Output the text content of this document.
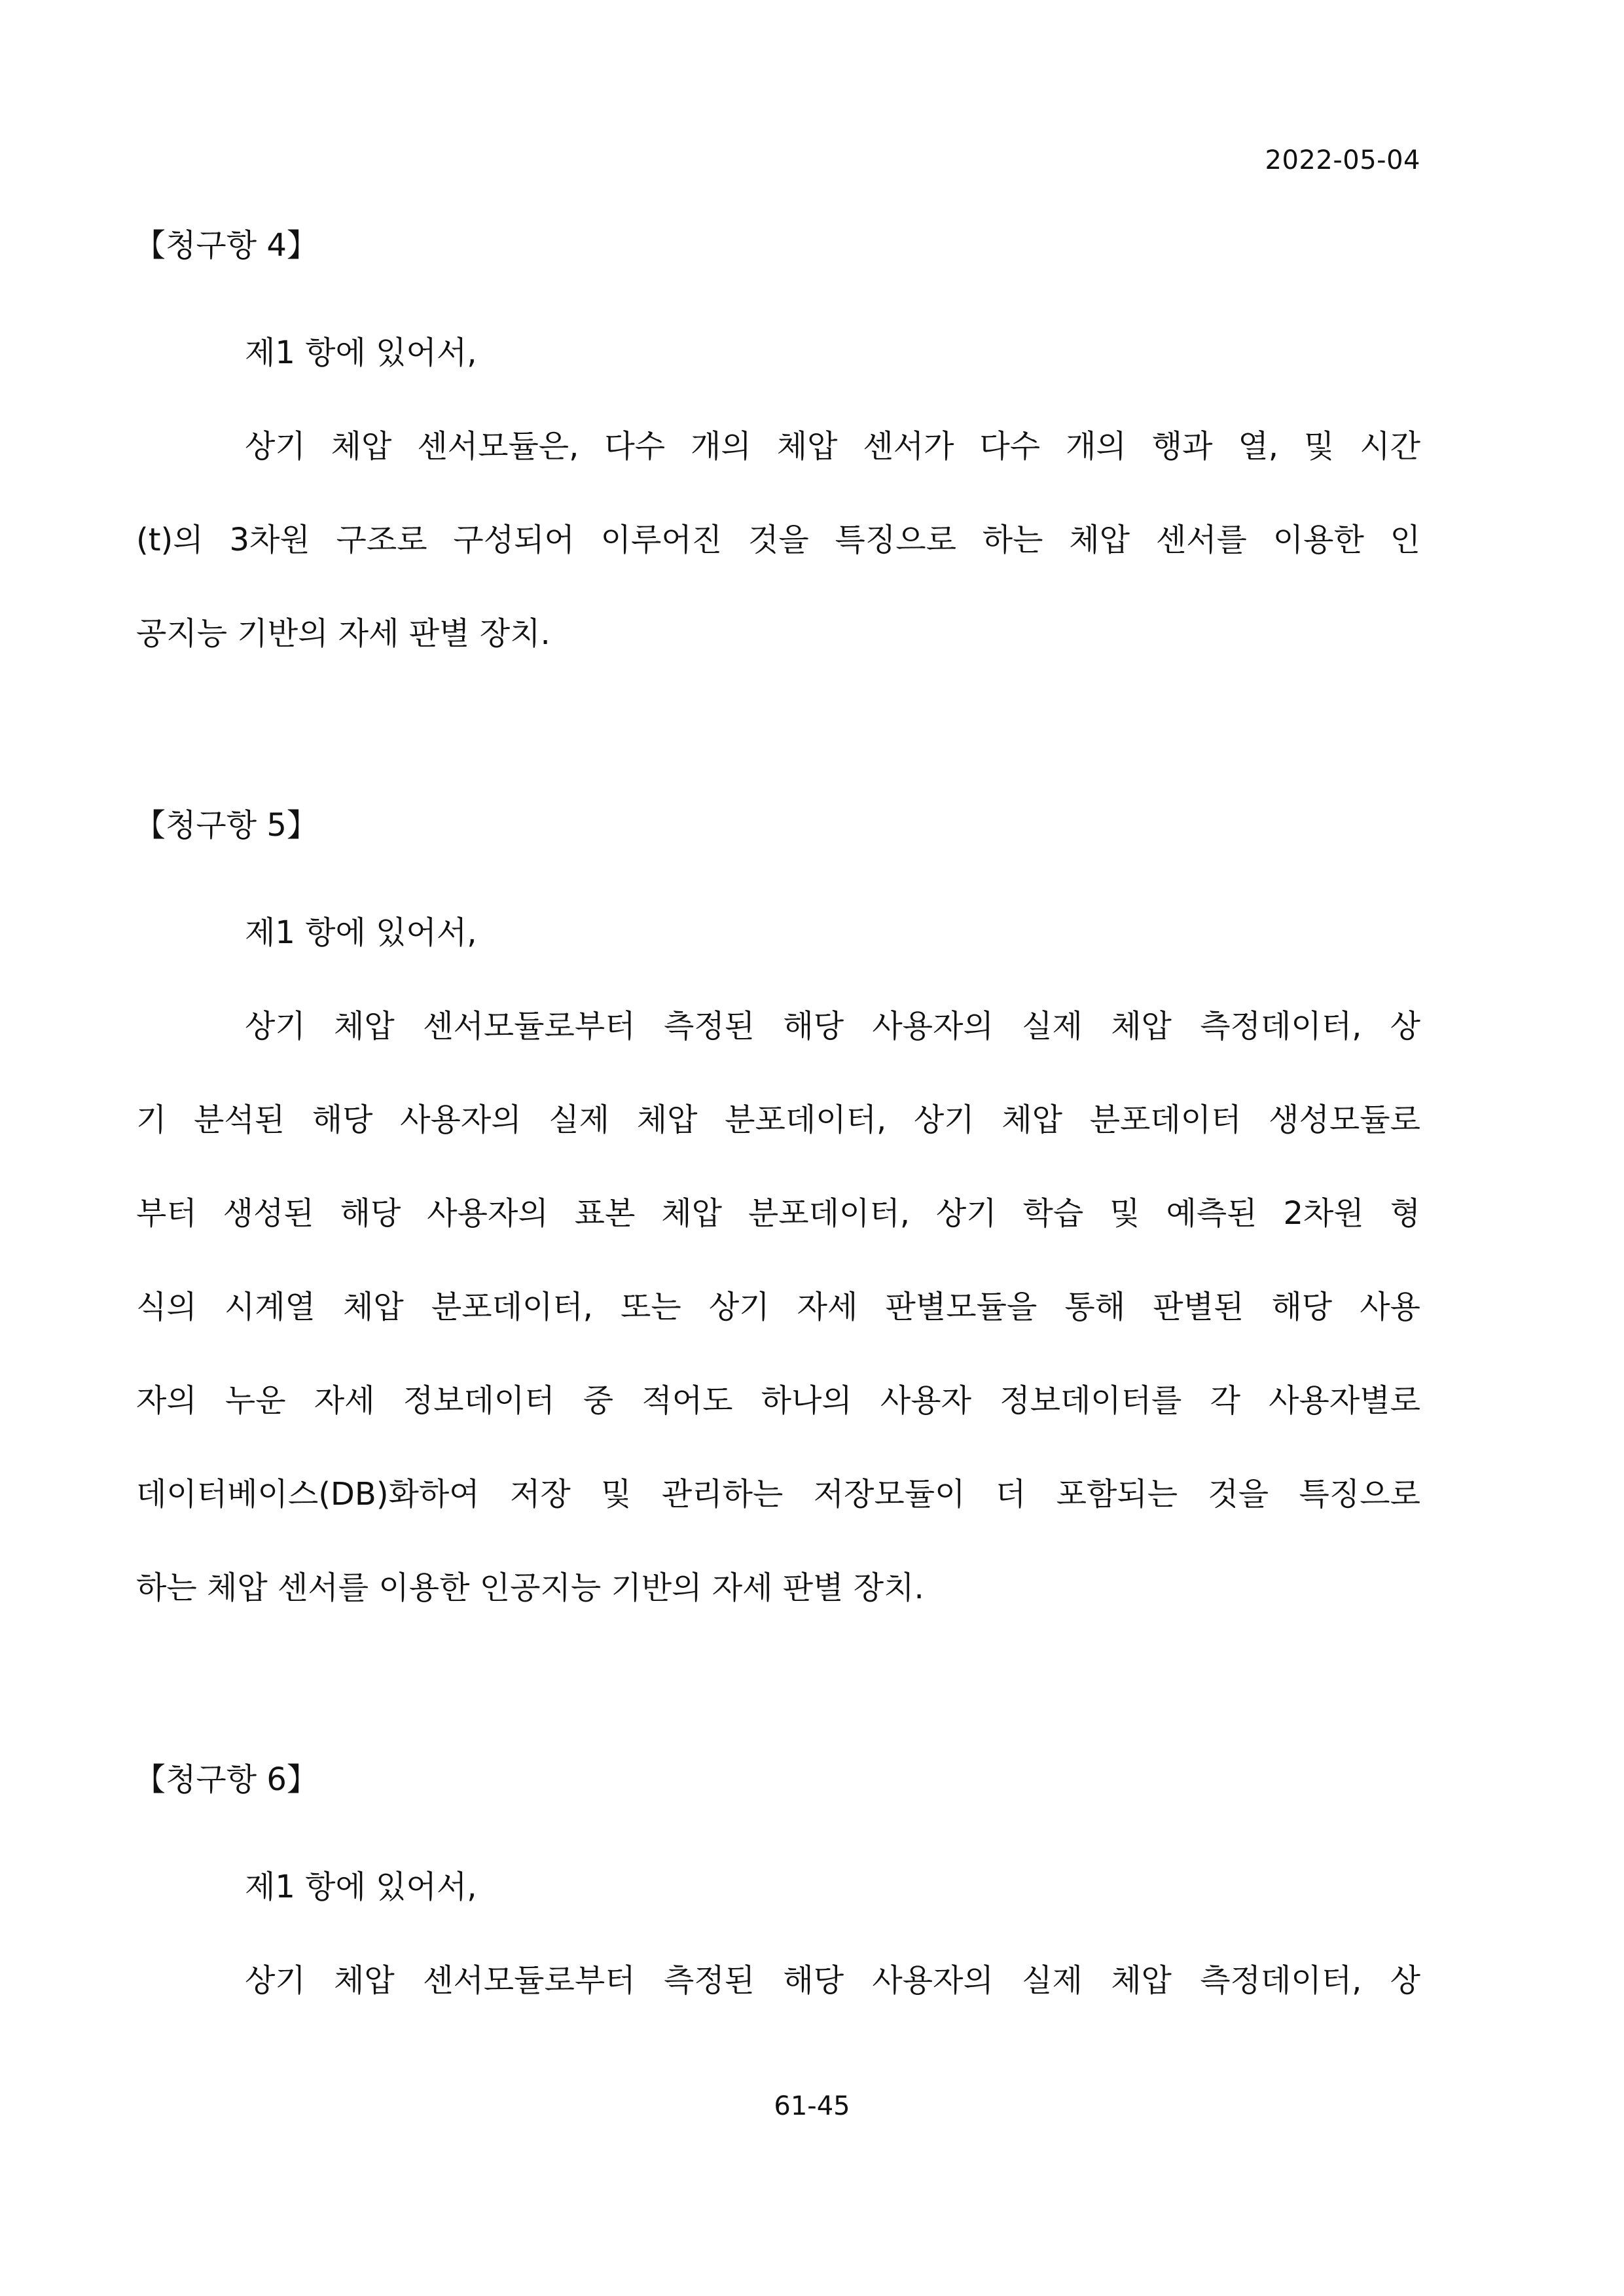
2022-05-04
【청구항 4】
제1 항에 있어서,
상기 체압 센서모듈은, 다수 개의 체압 센서가 다수 개의 행과 열, 및 시간
(t)의 3차원 구조로 구성되어 이루어진 것을 특징으로 하는 체압 센서를 이용한 인
공지능 기반의 자세 판별 장치.
【청구항 5】
제1 항에 있어서,
상기 체압 센서모듈로부터 측정된 해당 사용자의 실제 체압 측정데이터, 상
기 분석된 해당 사용자의 실제 체압 분포데이터, 상기 체압 분포데이터 생성모듈로
부터 생성된 해당 사용자의 표본 체압 분포데이터, 상기 학습 및 예측된 2차원 형
식의 시계열 체압 분포데이터, 또는 상기 자세 판별모듈을 통해 판별된 해당 사용
자의 누운 자세 정보데이터 중 적어도 하나의 사용자 정보데이터를 각 사용자별로
데이터베이스(DB)화하여 저장 및 관리하는 저장모듈이 더 포함되는 것을 특징으로
하는 체압 센서를 이용한 인공지능 기반의 자세 판별 장치.
【청구항 6】
제1 항에 있어서,
상기 체압 센서모듈로부터 측정된 해당 사용자의 실제 체압 측정데이터, 상
61-45
